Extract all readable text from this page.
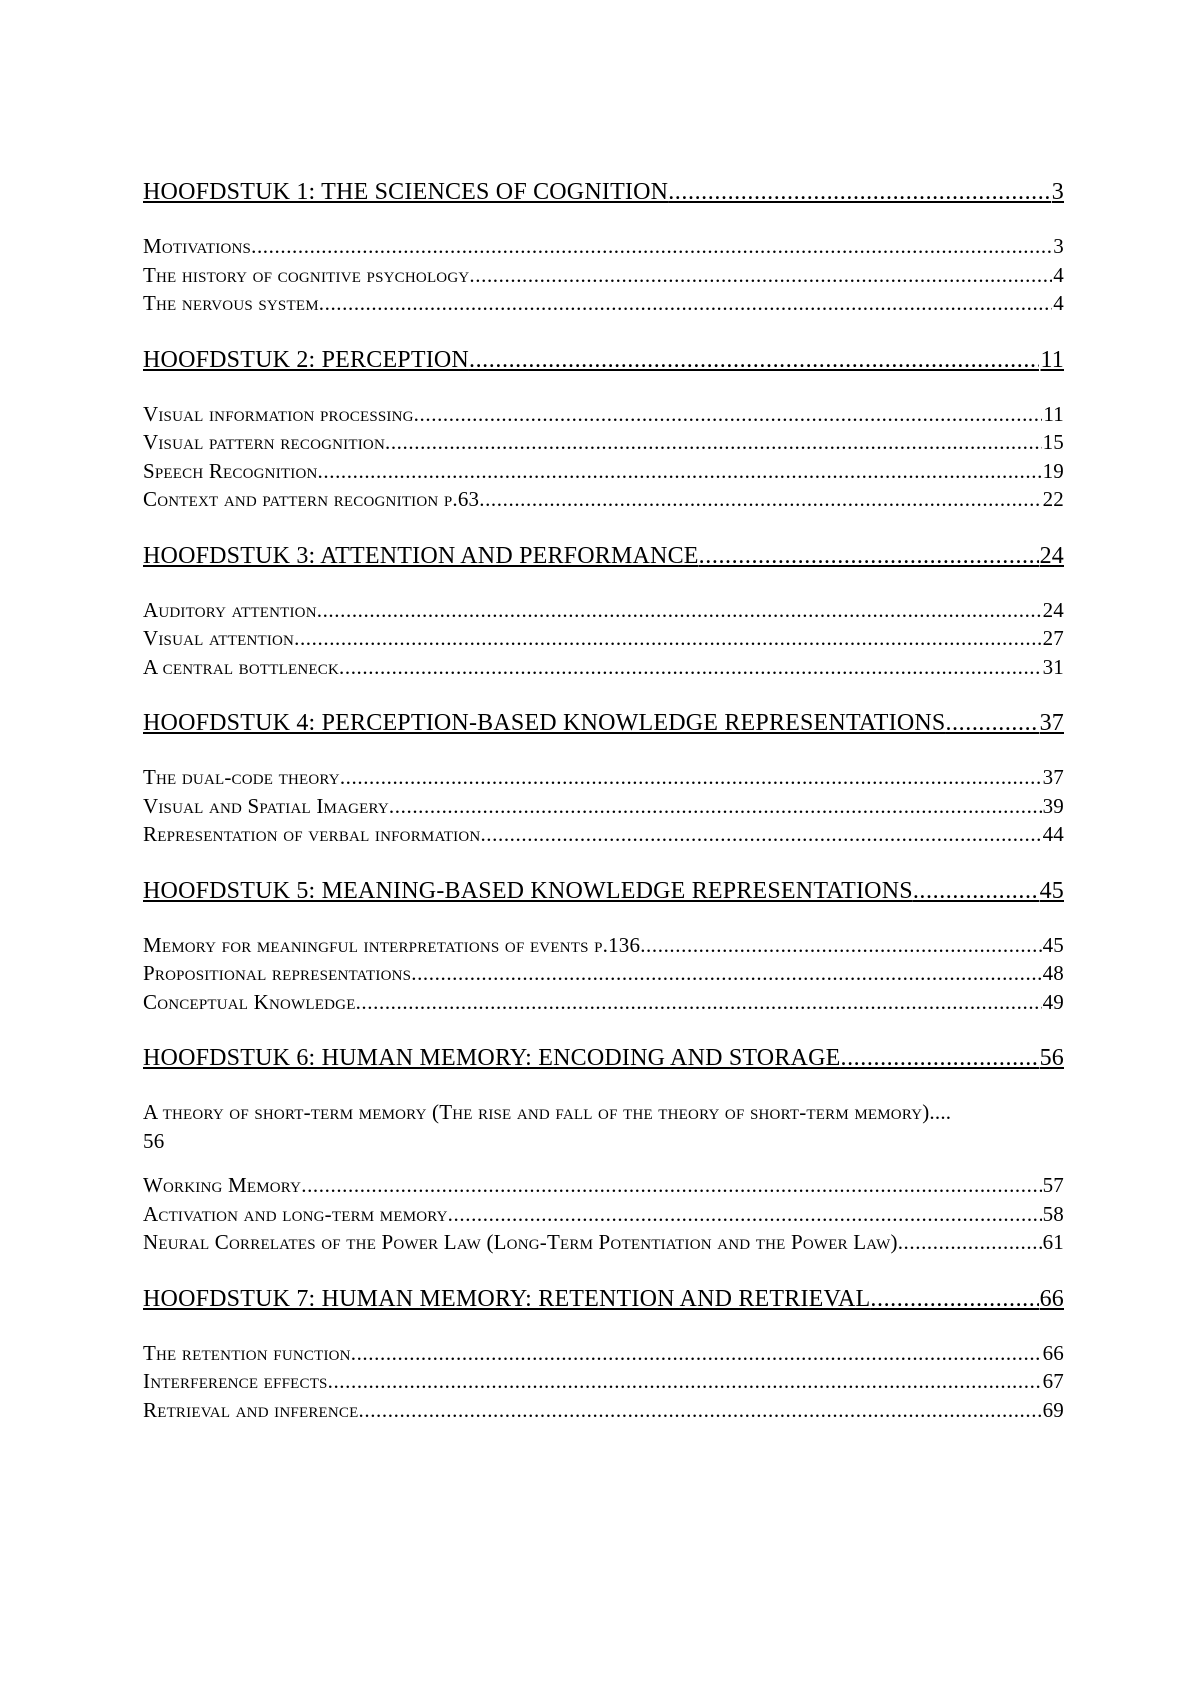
HOOFDSTUK 1: THE SCIENCES OF COGNITION .....	3
Motivations .....	3
The history of cognitive psychology .....	4
The nervous system .....	4
HOOFDSTUK 2: PERCEPTION .....	11
Visual information processing .....	11
Visual pattern recognition .....	15
Speech Recognition .....	19
Context and pattern recognition p.63 .....	22
HOOFDSTUK 3: ATTENTION AND PERFORMANCE .....	24
Auditory attention .....	24
Visual attention .....	27
A central bottleneck .....	31
HOOFDSTUK 4: PERCEPTION-BASED KNOWLEDGE REPRESENTATIONS .....	37
The dual-code theory .....	37
Visual and Spatial Imagery .....	39
Representation of verbal information .....	44
HOOFDSTUK 5: MEANING-BASED KNOWLEDGE REPRESENTATIONS .....	45
Memory for meaningful interpretations of events p.136 .....	45
Propositional representations .....	48
Conceptual Knowledge .....	49
HOOFDSTUK 6: HUMAN MEMORY: ENCODING AND STORAGE .....	56
A theory of short-term memory (The rise and fall of the theory of short-term memory)....
56
Working Memory .....	57
Activation and long-term memory .....	58
Neural Correlates of the Power Law (Long-Term Potentiation and the Power Law) .....	61
HOOFDSTUK 7: HUMAN MEMORY: RETENTION AND RETRIEVAL .....	66
The retention function .....	66
Interference effects .....	67
Retrieval and inference .....	69
